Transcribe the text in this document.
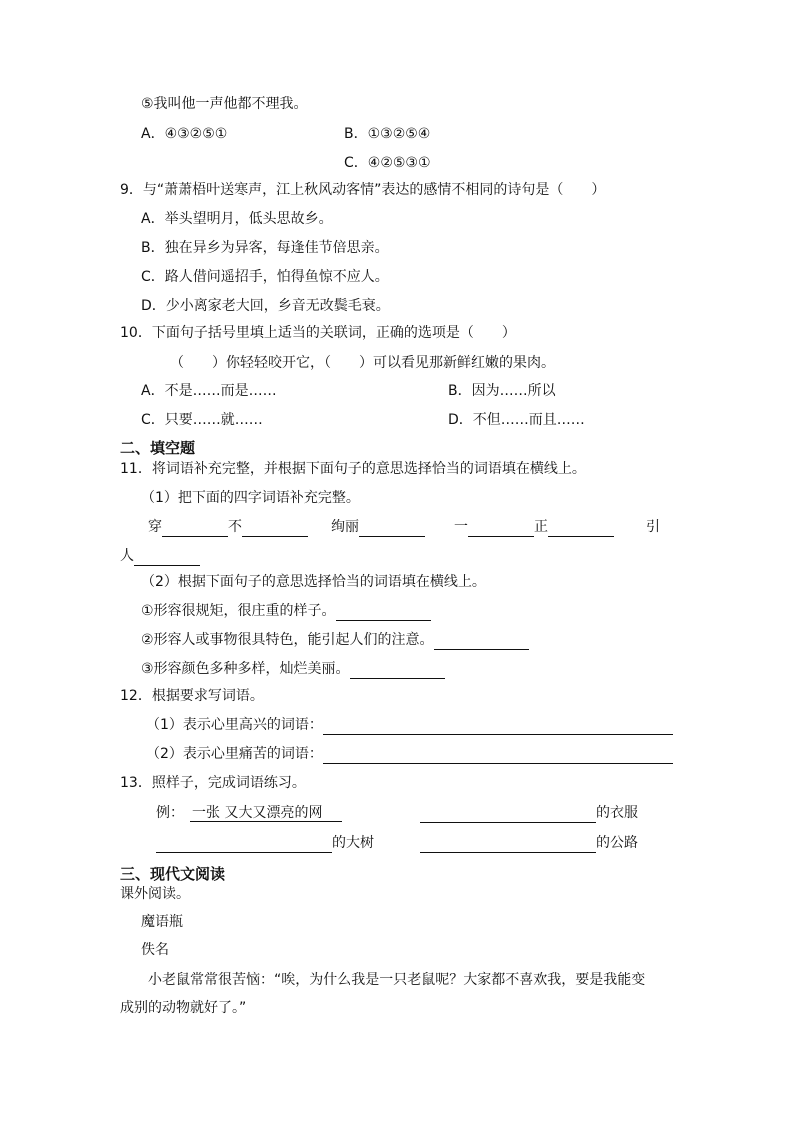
⑤我叫他一声他都不理我。
A．④③②⑤①	B．①③②⑤④
C．④②⑤③①
9．与“萧萧梧叶送寒声，江上秋风动客情”表达的感情不相同的诗句是（　　）
A．举头望明月，低头思故乡。
B．独在异乡为异客，每逢佳节倍思亲。
C．路人借问遥招手，怕得鱼惊不应人。
D．少小离家老大回，乡音无改鬓毛衰。
10．下面句子括号里填上适当的关联词，正确的选项是（　　）
（　　）你轻轻咬开它，（　　）可以看见那新鲜红嫩的果肉。
A．不是……而是……	B．因为……所以
C．只要……就……	D．不但……而且……
二、填空题
11．将词语补充完整，并根据下面句子的意思选择恰当的词语填在横线上。
（1）把下面的四字词语补充完整。
穿	不	绚丽	一	正	引
人
（2）根据下面句子的意思选择恰当的词语填在横线上。
①形容很规矩，很庄重的样子。
②形容人或事物很具特色，能引起人们的注意。
③形容颜色多种多样，灿烂美丽。
12．根据要求写词语。
（1）表示心里高兴的词语：
（2）表示心里痛苦的词语：
13．照样子，完成词语练习。
例： 一张 又大又漂亮的网	的衣服
的大树	的公路
三、现代文阅读
课外阅读。
魔语瓶
佚名
小老鼠常常很苦恼：“唉，为什么我是一只老鼠呢？大家都不喜欢我，要是我能变
成别的动物就好了。”
